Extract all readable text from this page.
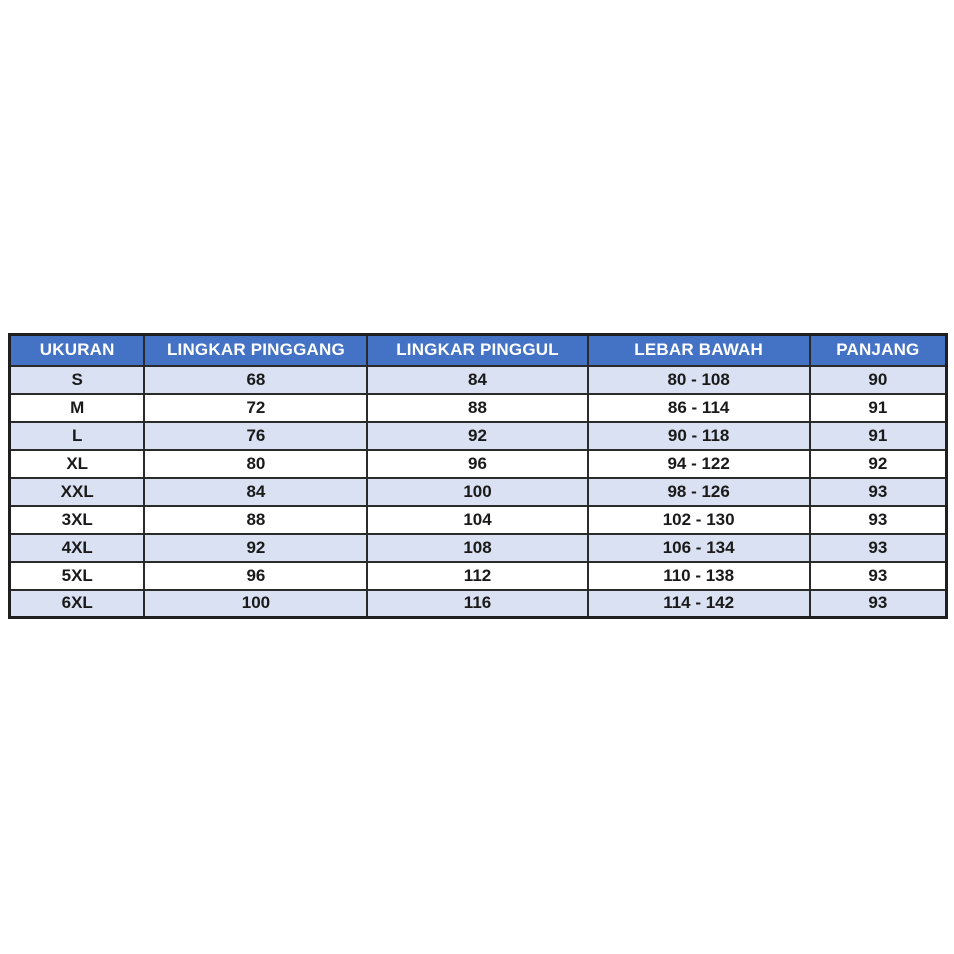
UKURAN	LINGKAR PINGGANG	LINGKAR PINGGUL	LEBAR BAWAH	PANJANG
S	68	84	80 - 108	90
M	72	88	86 - 114	91
L	76	92	90 - 118	91
XL	80	96	94 - 122	92
XXL	84	100	98 - 126	93
3XL	88	104	102 - 130	93
4XL	92	108	106 - 134	93
5XL	96	112	110 - 138	93
6XL	100	116	114 - 142	93
